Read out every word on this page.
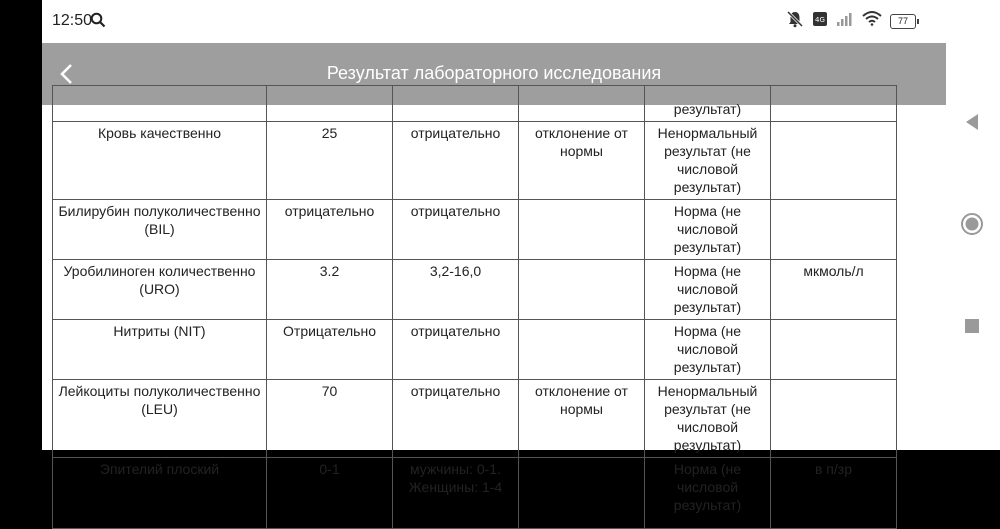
12:50	4G	77
Результат лабораторного исследования
				результат)	
Кровь качественно	25	отрицательно	отклонение от нормы	Ненормальный результат (не числовой результат)	
Билирубин полуколичественно (BIL)	отрицательно	отрицательно		Норма (не числовой результат)	
Уробилиноген количественно (URO)	3.2	3,2-16,0		Норма (не числовой результат)	мкмоль/л
Нитриты (NIT)	Отрицательно	отрицательно		Норма (не числовой результат)	
Лейкоциты полуколичественно (LEU)	70	отрицательно	отклонение от нормы	Ненормальный результат (не числовой результат)	
Эпителий плоский	0-1	мужчины: 0-1. Женщины: 1-4		Норма (не числовой результат)	в п/зр
